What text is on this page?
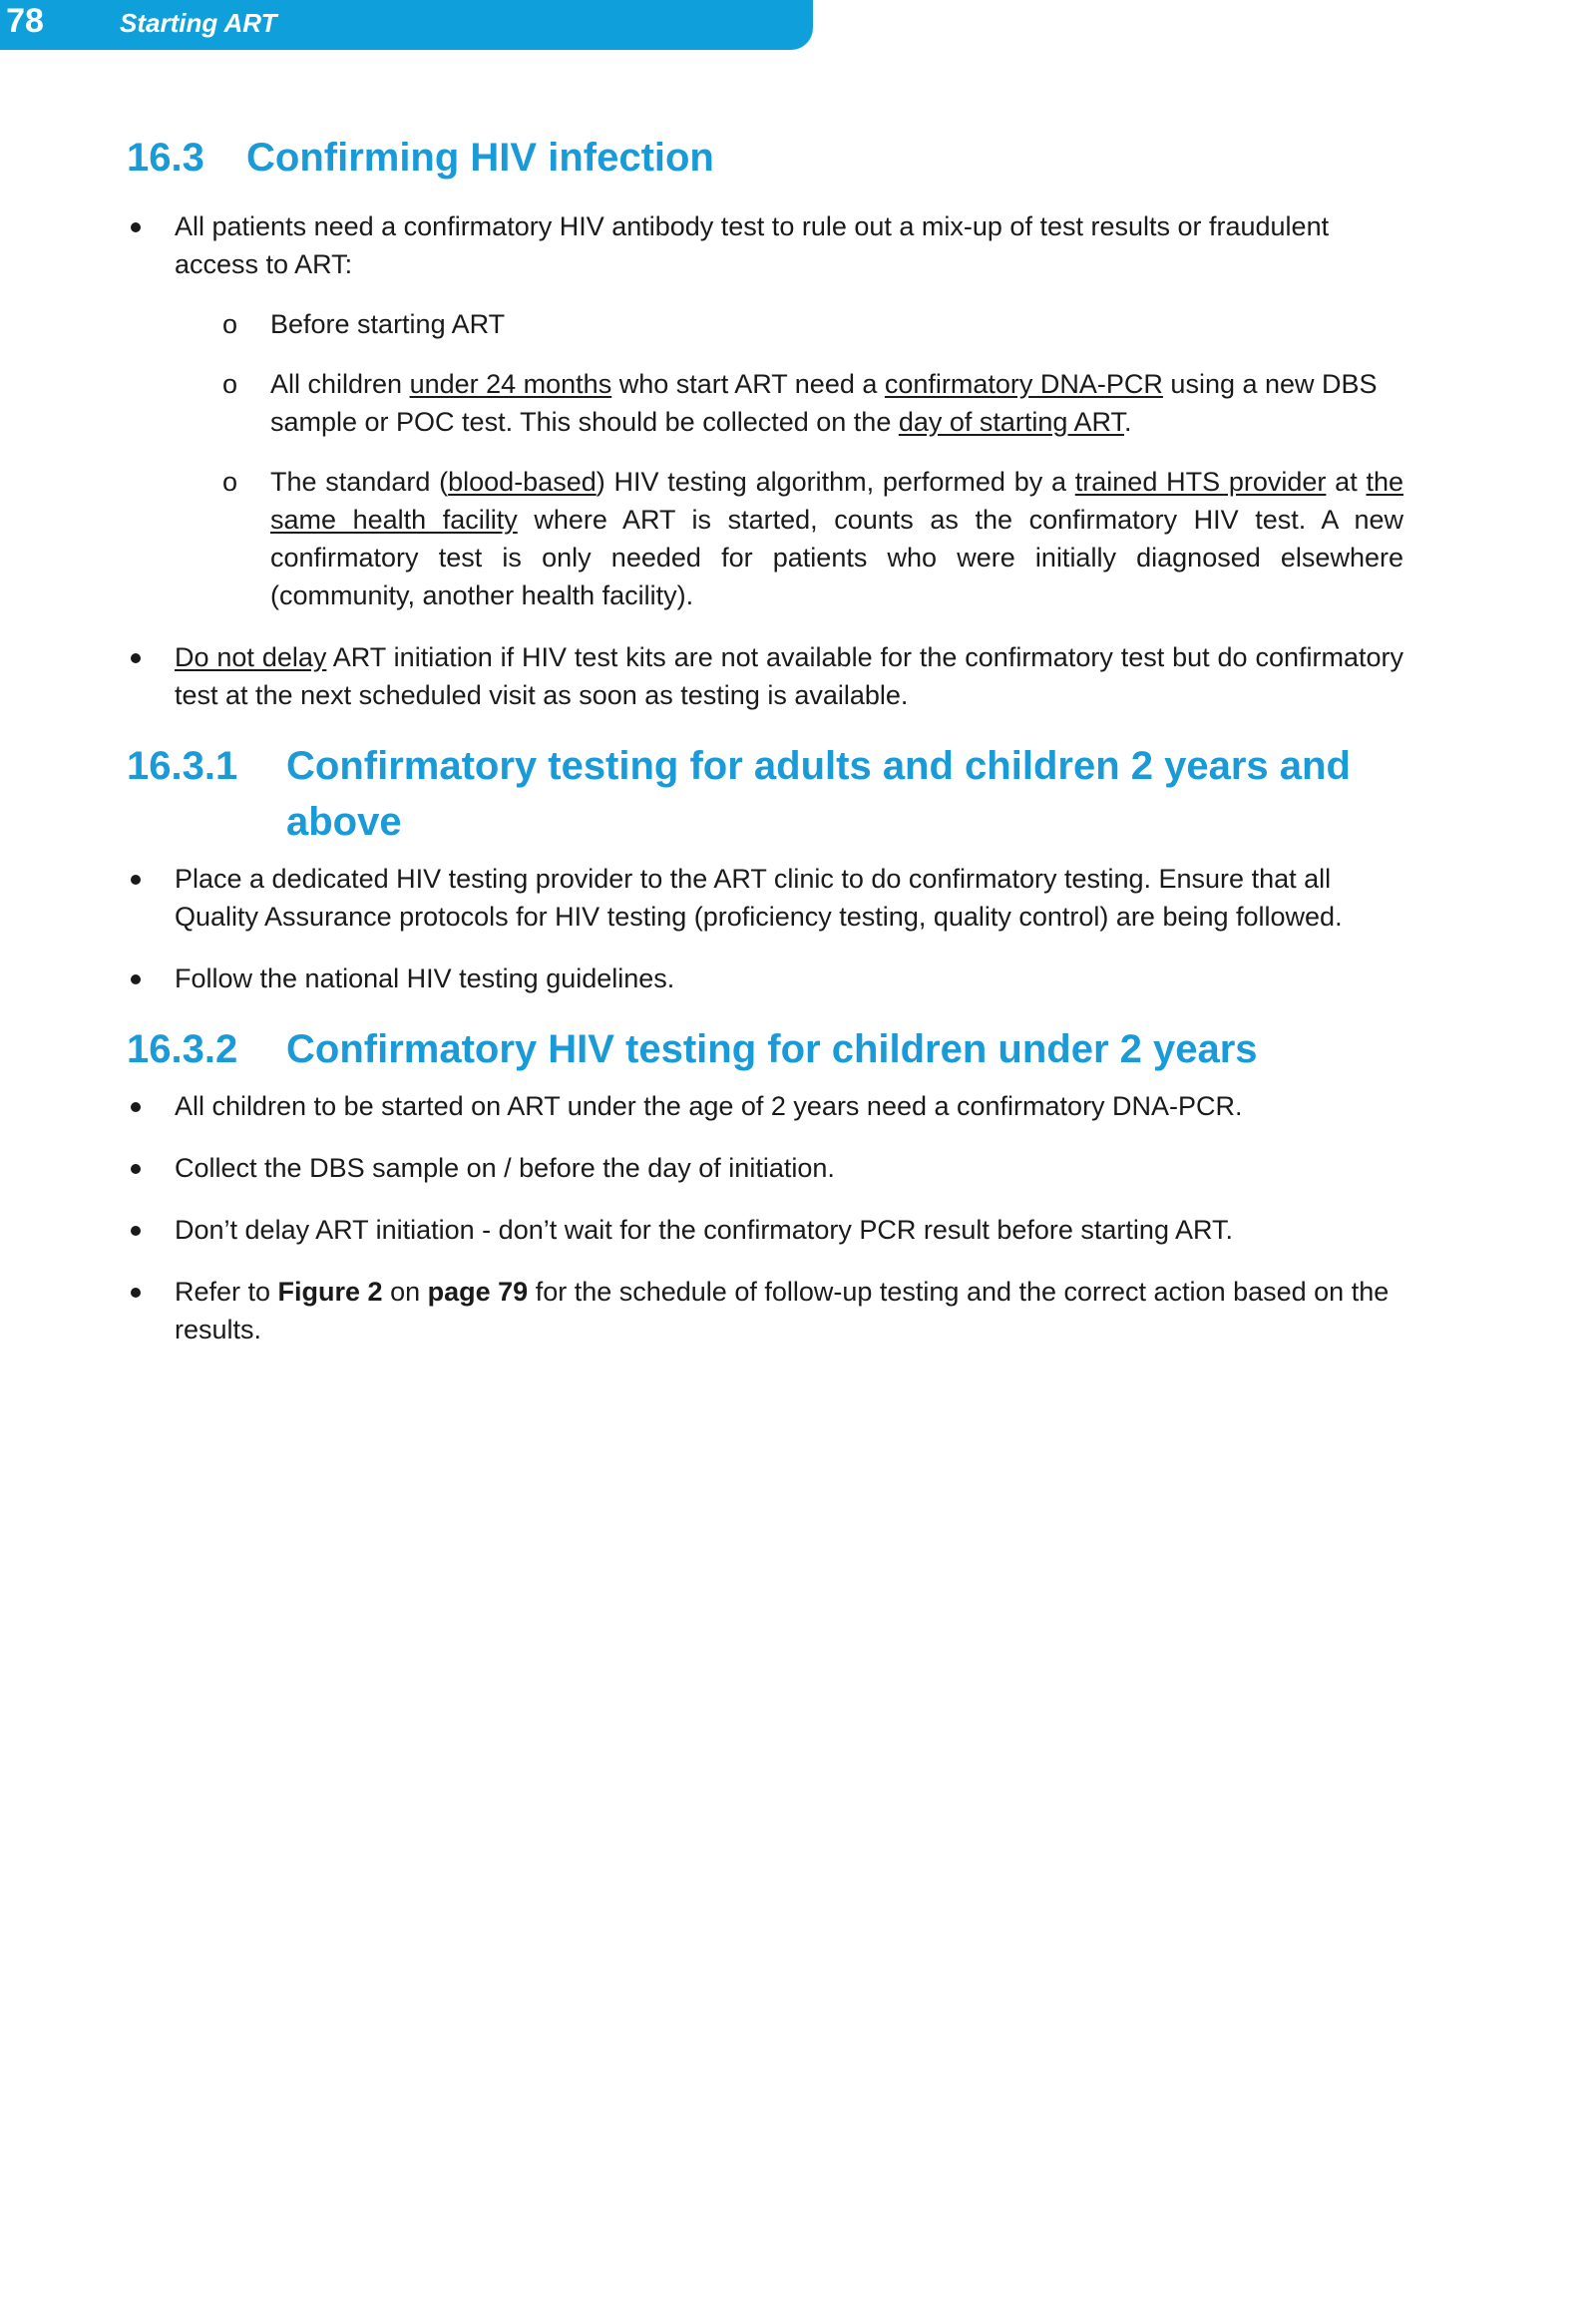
78	Starting ART
16.3	Confirming HIV infection
All patients need a confirmatory HIV antibody test to rule out a mix-up of test results or fraudulent access to ART:
o Before starting ART
o All children under 24 months who start ART need a confirmatory DNA-PCR using a new DBS sample or POC test. This should be collected on the day of starting ART.
o The standard (blood-based) HIV testing algorithm, performed by a trained HTS provider at the same health facility where ART is started, counts as the confirmatory HIV test. A new confirmatory test is only needed for patients who were initially diagnosed elsewhere (community, another health facility).
Do not delay ART initiation if HIV test kits are not available for the confirmatory test but do confirmatory test at the next scheduled visit as soon as testing is available.
16.3.1	Confirmatory testing for adults and children 2 years and above
Place a dedicated HIV testing provider to the ART clinic to do confirmatory testing. Ensure that all Quality Assurance protocols for HIV testing (proficiency testing, quality control) are being followed.
Follow the national HIV testing guidelines.
16.3.2	Confirmatory HIV testing for children under 2 years
All children to be started on ART under the age of 2 years need a confirmatory DNA-PCR.
Collect the DBS sample on / before the day of initiation.
Don’t delay ART initiation - don’t wait for the confirmatory PCR result before starting ART.
Refer to Figure 2 on page 79 for the schedule of follow-up testing and the correct action based on the results.
